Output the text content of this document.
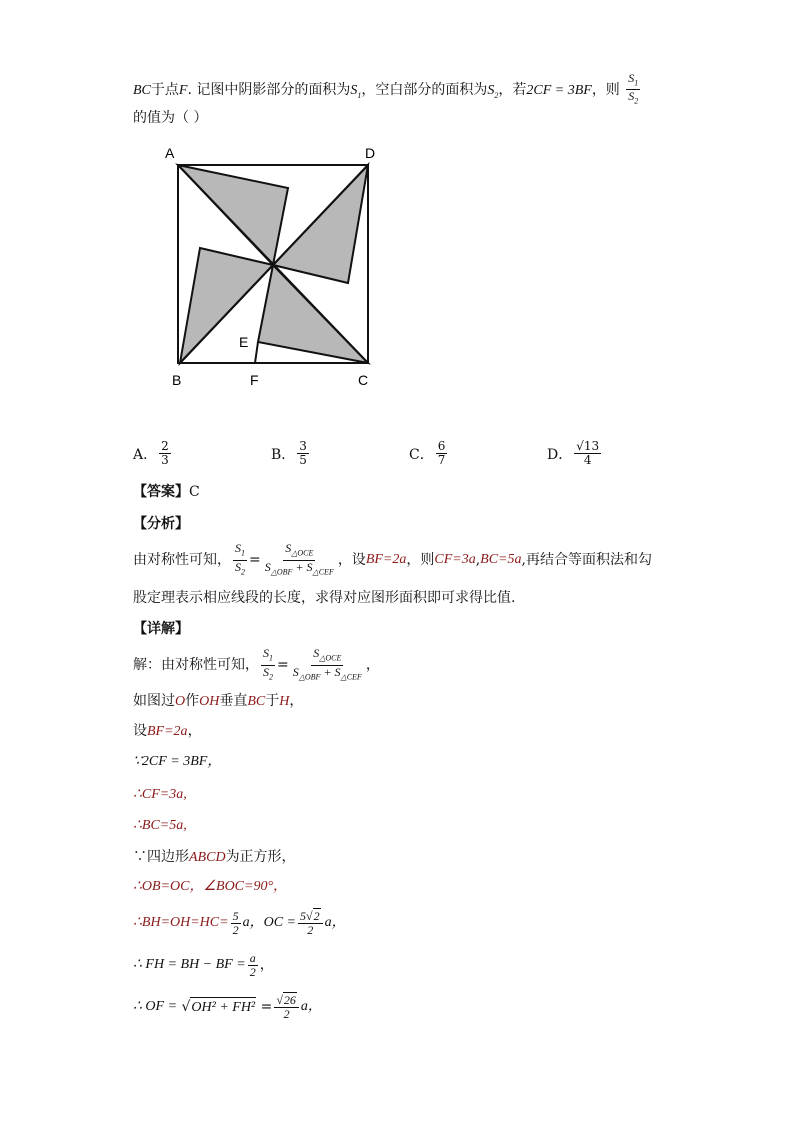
BC于点F. 记图中阴影部分的面积为$S_1$，空白部分的面积为$S_2$，若2CF = 3BF，则 $\frac{S_1}{S_2}$
的值为（ ）
A	D
B	F	C
E
A． $\frac{2}{3}$	B． $\frac{3}{5}$	C． $\frac{6}{7}$	D． $\frac{√13}{4}$
【答案】C
【分析】
由对称性可知， $\frac{S_1}{S_2} = \frac{S_{\triangle OCE}}{S_{\triangle OBF} + S_{\triangle CEF}}$ ，设 BF=2a ，则 CF=3a , BC=5a , 再结合等面积法和勾
股定理表示相应线段的长度，求得对应图形面积即可求得比值.
【详解】
解：由对称性可知， $\frac{S_1}{S_2} = \frac{S_{\triangle OCE}}{S_{\triangle OBF} + S_{\triangle CEF}}$ ，
如图过O作OH垂直BC于H，
设BF=2a，
∵2CF = 3BF，
∴CF=3a,
∴BC=5a,
∵四边形ABCD为正方形，
∴OB=OC，∠BOC=90°，
∴BH=OH=HC= $\frac{5}{2}$ a，OC = $\frac{5√2}{2}$ a，
∴ FH = BH − BF = $\frac{a}{2}$ ，
∴ OF = √ OH² + FH²
= $\frac{√26}{2}$ a，
